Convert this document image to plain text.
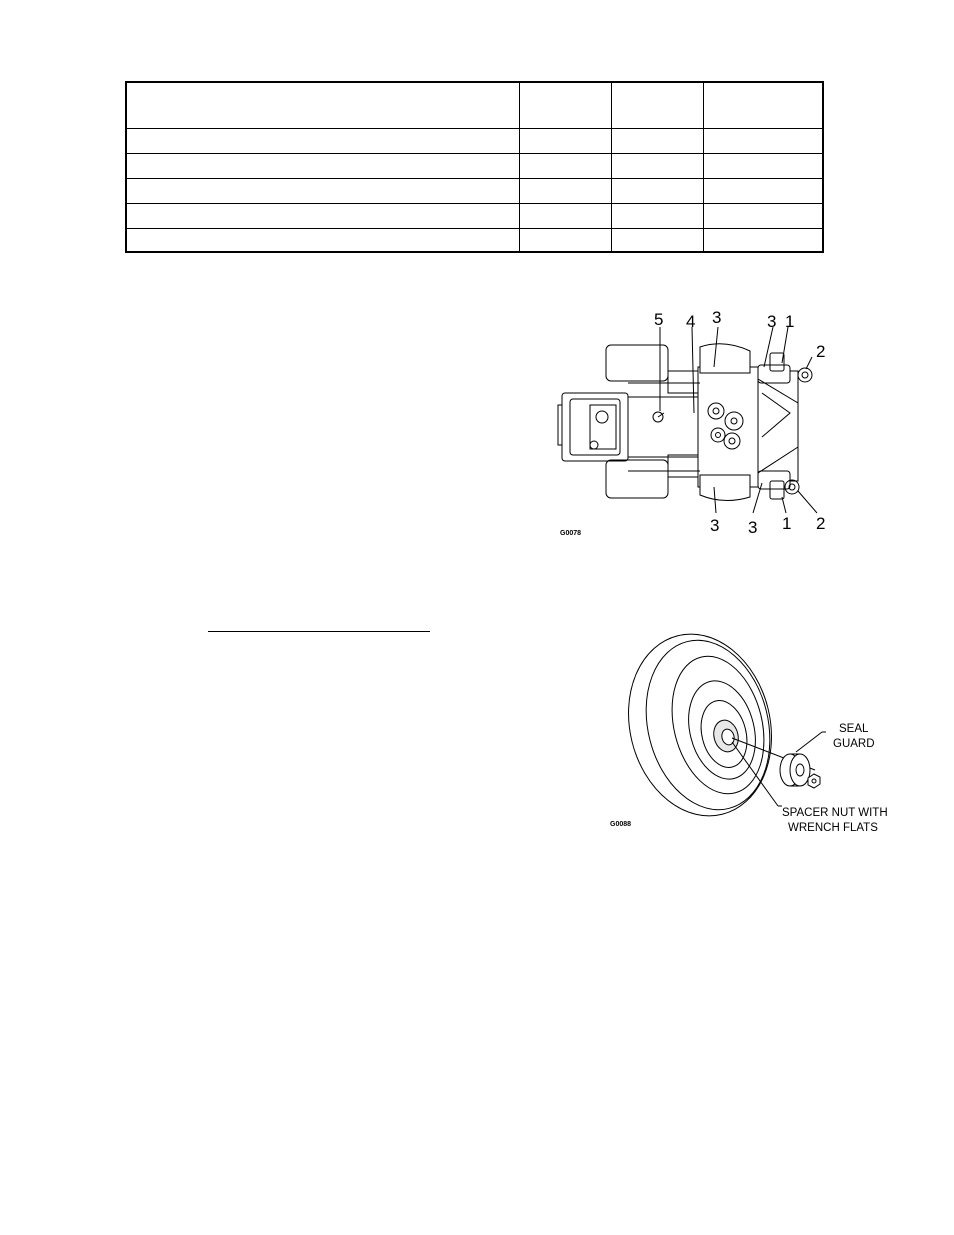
5 4 3	3 1
2
3 3 1 2
G0078
SEAL
GUARD
SPACER NUT WITH
WRENCH FLATS
G0088
